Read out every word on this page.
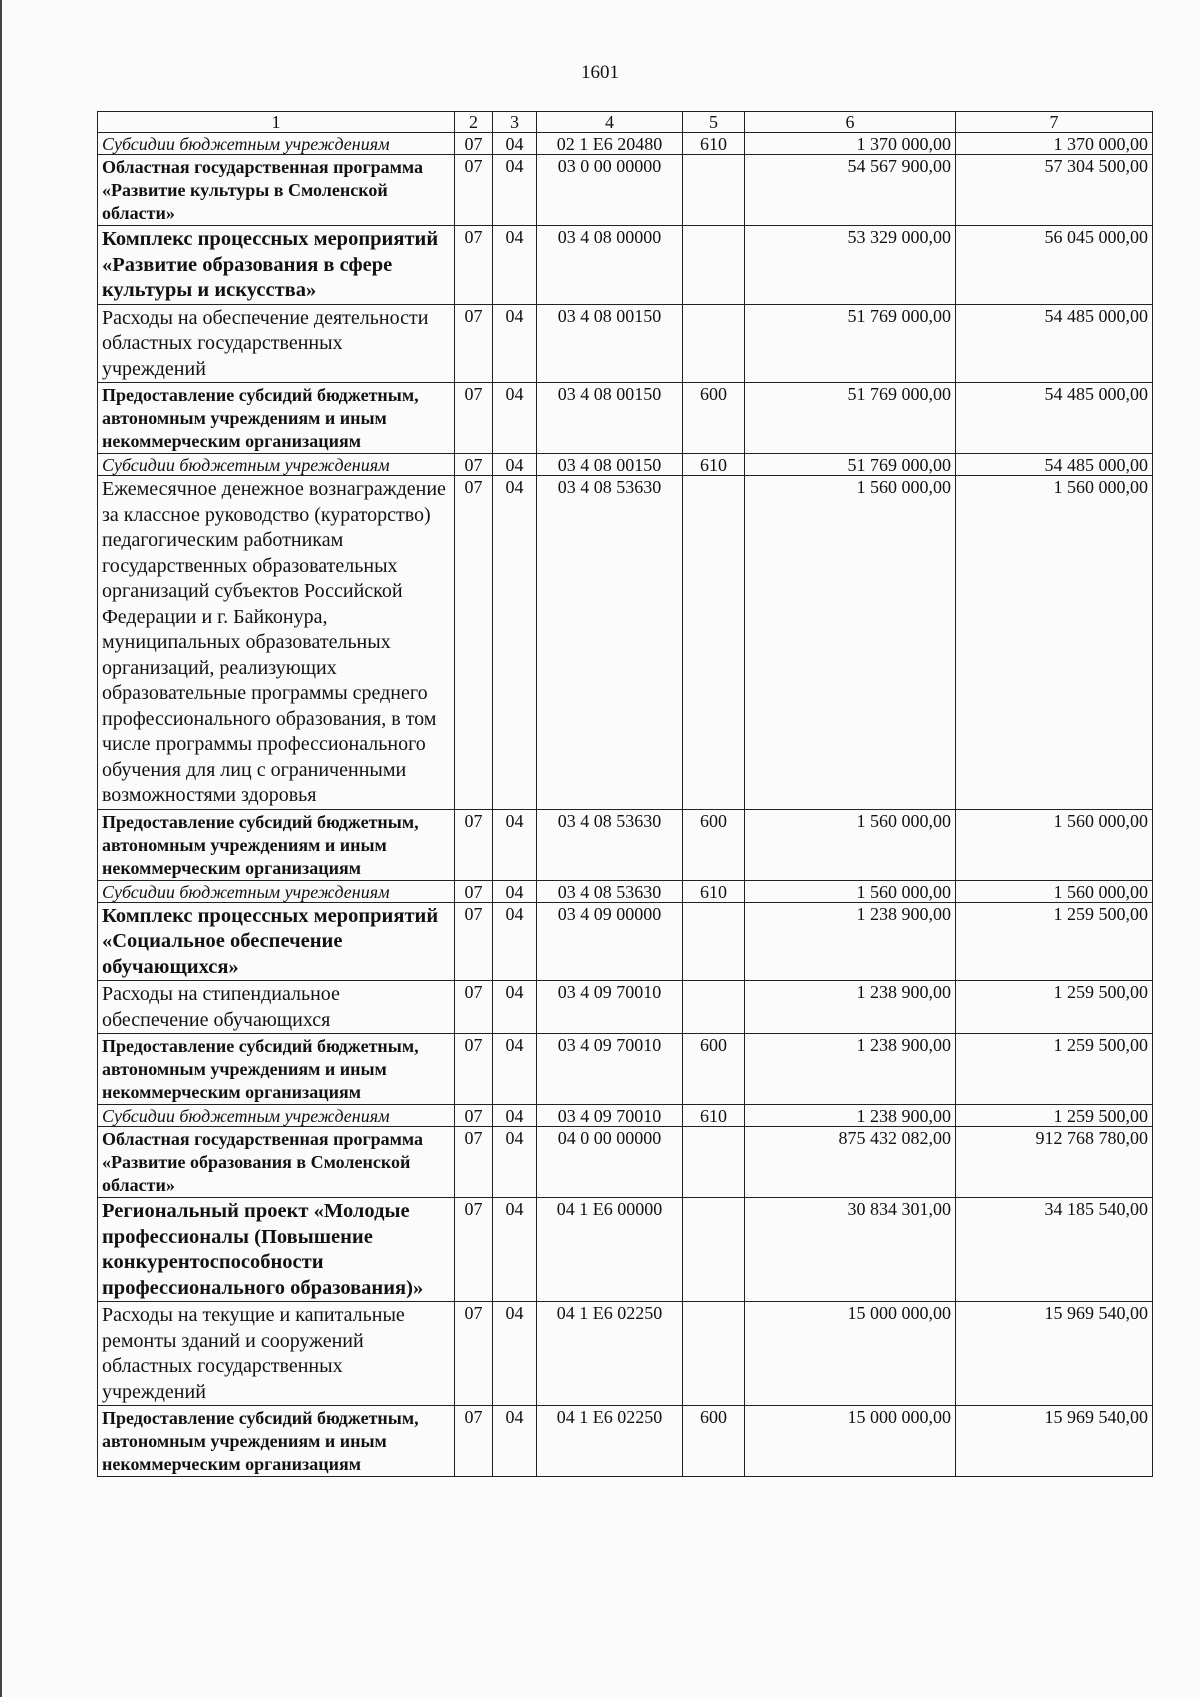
1601
1	2	3	4	5	6	7
Субсидии бюджетным учреждениям	07	04	02 1 Е6 20480	610	1 370 000,00	1 370 000,00
Областная государственная программа «Развитие культуры в Смоленской области»	07	04	03 0 00 00000		54 567 900,00	57 304 500,00
Комплекс процессных мероприятий «Развитие образования в сфере культуры и искусства»	07	04	03 4 08 00000		53 329 000,00	56 045 000,00
Расходы на обеспечение деятельности областных государственных учреждений	07	04	03 4 08 00150		51 769 000,00	54 485 000,00
Предоставление субсидий бюджетным, автономным учреждениям и иным некоммерческим организациям	07	04	03 4 08 00150	600	51 769 000,00	54 485 000,00
Субсидии бюджетным учреждениям	07	04	03 4 08 00150	610	51 769 000,00	54 485 000,00
Ежемесячное денежное вознаграждение за классное руководство (кураторство) педагогическим работникам государственных образовательных организаций субъектов Российской Федерации и г. Байконура, муниципальных образовательных организаций, реализующих образовательные программы среднего профессионального образования, в том числе программы профессионального обучения для лиц с ограниченными возможностями здоровья	07	04	03 4 08 53630		1 560 000,00	1 560 000,00
Предоставление субсидий бюджетным, автономным учреждениям и иным некоммерческим организациям	07	04	03 4 08 53630	600	1 560 000,00	1 560 000,00
Субсидии бюджетным учреждениям	07	04	03 4 08 53630	610	1 560 000,00	1 560 000,00
Комплекс процессных мероприятий «Социальное обеспечение обучающихся»	07	04	03 4 09 00000		1 238 900,00	1 259 500,00
Расходы на стипендиальное обеспечение обучающихся	07	04	03 4 09 70010		1 238 900,00	1 259 500,00
Предоставление субсидий бюджетным, автономным учреждениям и иным некоммерческим организациям	07	04	03 4 09 70010	600	1 238 900,00	1 259 500,00
Субсидии бюджетным учреждениям	07	04	03 4 09 70010	610	1 238 900,00	1 259 500,00
Областная государственная программа «Развитие образования в Смоленской области»	07	04	04 0 00 00000		875 432 082,00	912 768 780,00
Региональный проект «Молодые профессионалы (Повышение конкурентоспособности профессионального образования)»	07	04	04 1 Е6 00000		30 834 301,00	34 185 540,00
Расходы на текущие и капитальные ремонты зданий и сооружений областных государственных учреждений	07	04	04 1 Е6 02250		15 000 000,00	15 969 540,00
Предоставление субсидий бюджетным, автономным учреждениям и иным некоммерческим организациям	07	04	04 1 Е6 02250	600	15 000 000,00	15 969 540,00
